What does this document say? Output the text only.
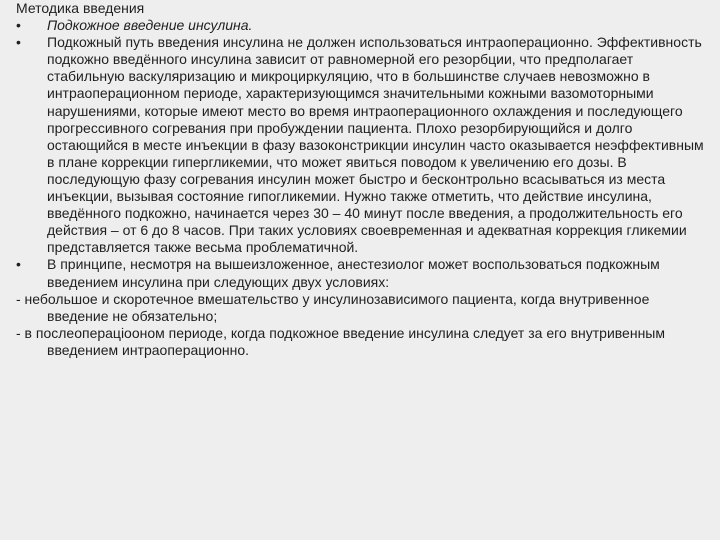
Методика введения
•	Подкожное введение инсулина.
•	Подкожный путь введения инсулина не должен использоваться интраоперационно. Эффективность подкожно введённого инсулина зависит от равномерной его резорбции, что предполагает стабильную васкуляризацию и микроциркуляцию, что в большинстве случаев невозможно в интраоперационном периоде, характеризующимся значительными кожными вазомоторными нарушениями, которые имеют место во время интраоперационного охлаждения и последующего прогрессивного согревания при пробуждении пациента. Плохо резорбирующийся и долго остающийся в месте инъекции в фазу вазоконстрикции инсулин часто оказывается неэффективным в плане коррекции гипергликемии, что может явиться поводом к увеличению его дозы. В последующую фазу согревания инсулин может быстро и бесконтрольно всасываться из места инъекции, вызывая состояние гипогликемии. Нужно также отметить, что действие инсулина, введённого подкожно, начинается через 30 – 40 минут после введения, а продолжительность его действия – от 6 до 8 часов. При таких условиях своевременная и адекватная коррекция гликемии представляется также весьма проблематичной.
•	В принципе, несмотря на вышеизложенное, анестезиолог может воспользоваться подкожным введением инсулина при следующих двух условиях:
- небольшое и скоротечное вмешательство у инсулинозависимого пациента, когда внутривенное введение не обязательно;
- в послеопераціооном периоде, когда подкожное введение инсулина следует за его внутривенным введением интраоперационно.
